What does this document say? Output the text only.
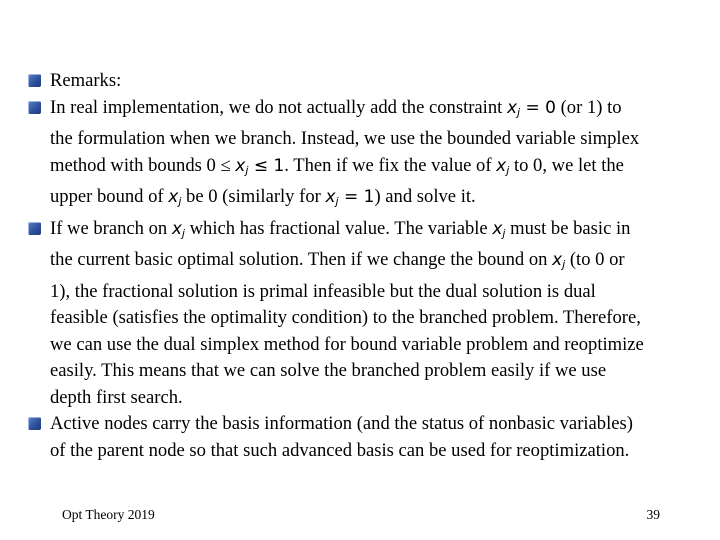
Remarks:
In real implementation, we do not actually add the constraint $x_j = 0$ (or 1) to
the formulation when we branch. Instead, we use the bounded variable simplex
method with bounds $0 \le x_j \le 1$. Then if we fix the value of $x_j$ to 0, we let the
upper bound of $x_j$ be 0 (similarly for $x_j = 1$) and solve it.
If we branch on $x_j$ which has fractional value. The variable $x_j$ must be basic in
the current basic optimal solution. Then if we change the bound on $x_j$ (to 0 or
1), the fractional solution is primal infeasible but the dual solution is dual
feasible (satisfies the optimality condition) to the branched problem. Therefore,
we can use the dual simplex method for bound variable problem and reoptimize
easily. This means that we can solve the branched problem easily if we use
depth first search.
Active nodes carry the basis information (and the status of nonbasic variables)
of the parent node so that such advanced basis can be used for reoptimization.
Opt Theory 2019	39
